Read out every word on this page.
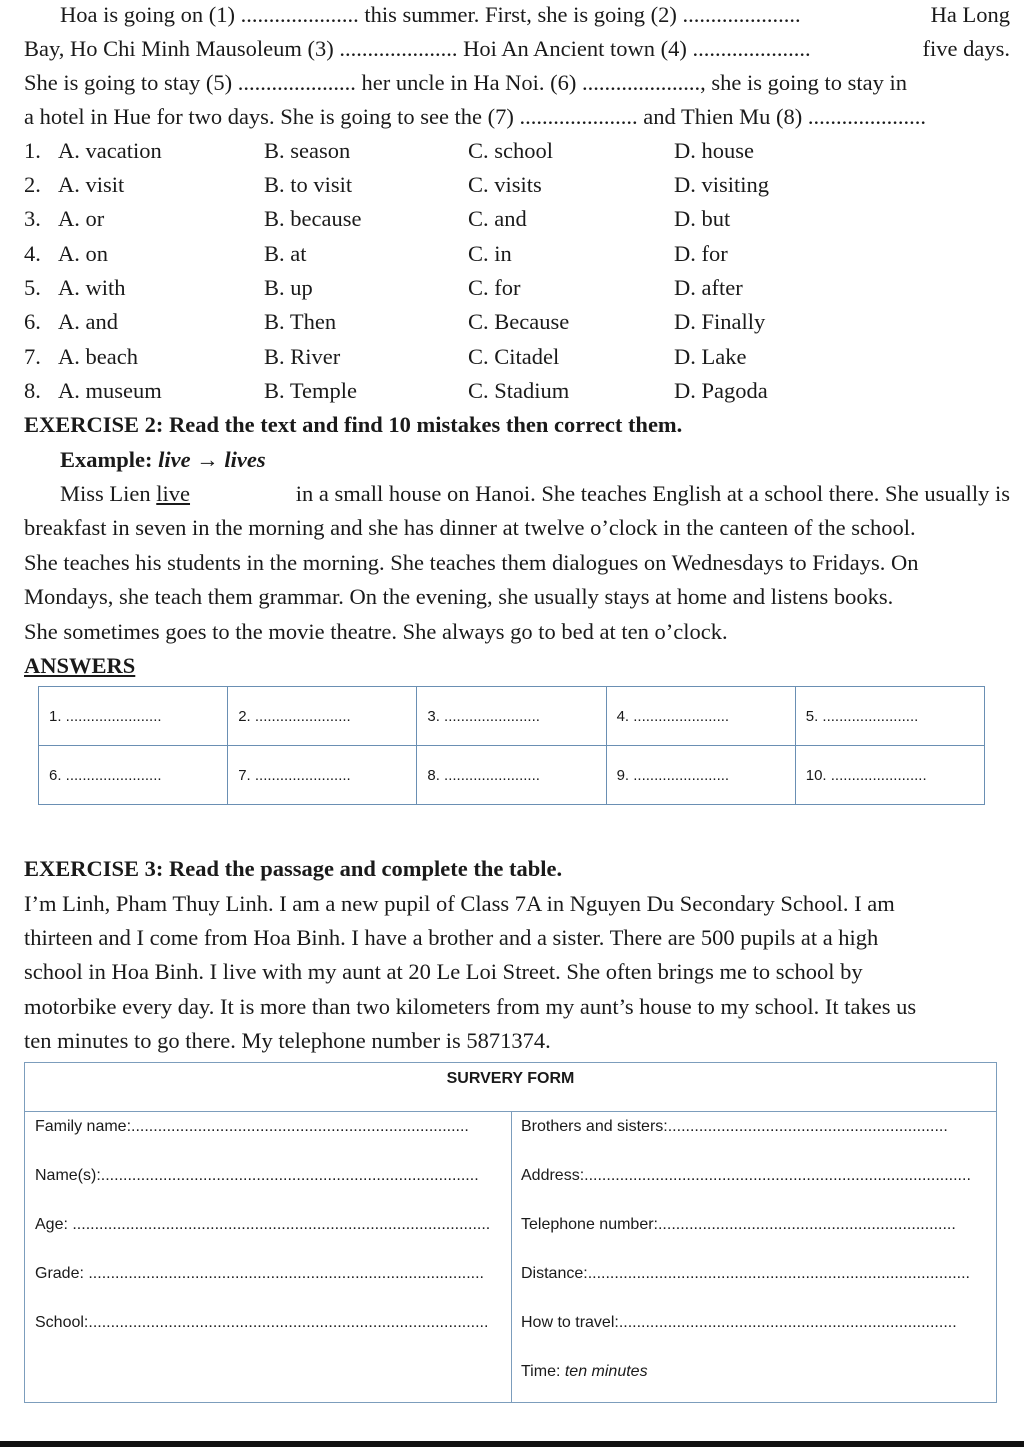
Hoa is going on (1) ..................... this summer. First, she is going (2) .....................	Ha Long
Bay, Ho Chi Minh Mausoleum (3) ..................... Hoi An Ancient town (4) .....................	five days.
She is going to stay (5) ..................... her uncle in Ha Noi. (6) ....................., she is going to stay in
a hotel in Hue for two days. She is going to see the (7) ..................... and Thien Mu (8) .....................
1. A. vacation	B. season	C. school	D. house
2. A. visit	B. to visit	C. visits	D. visiting
3. A. or	B. because	C. and	D. but
4. A. on	B. at	C. in	D. for
5. A. with	B. up	C. for	D. after
6. A. and	B. Then	C. Because	D. Finally
7. A. beach	B. River	C. Citadel	D. Lake
8. A. museum	B. Temple	C. Stadium	D. Pagoda
EXERCISE 2: Read the text and find 10 mistakes then correct them.
Example: live → lives
Miss Lien live	in a small house on Hanoi. She teaches English at a school there. She usually is
breakfast in seven in the morning and she has dinner at twelve o’clock in the canteen of the school.
She teaches his students in the morning. She teaches them dialogues on Wednesdays to Fridays. On
Mondays, she teach them grammar. On the evening, she usually stays at home and listens books.
She sometimes goes to the movie theatre. She always go to bed at ten o’clock.
ANSWERS
1. .......................	2. .......................	3. .......................	4. .......................	5. .......................
6. .......................	7. .......................	8. .......................	9. .......................	10. .......................
EXERCISE 3: Read the passage and complete the table.
I’m Linh, Pham Thuy Linh. I am a new pupil of Class 7A in Nguyen Du Secondary School. I am
thirteen and I come from Hoa Binh. I have a brother and a sister. There are 500 pupils at a high
school in Hoa Binh. I live with my aunt at 20 Le Loi Street. She often brings me to school by
motorbike every day. It is more than two kilometers from my aunt’s house to my school. It takes us
ten minutes to go there. My telephone number is 5871374.
SURVERY FORM
Family name:............................................................................
Name(s):.....................................................................................
Age: ..............................................................................................
Grade: .........................................................................................
School:..........................................................................................
Brothers and sisters:...............................................................
Address:.......................................................................................
Telephone number:...................................................................
Distance:......................................................................................
How to travel:............................................................................
Time: ten minutes
